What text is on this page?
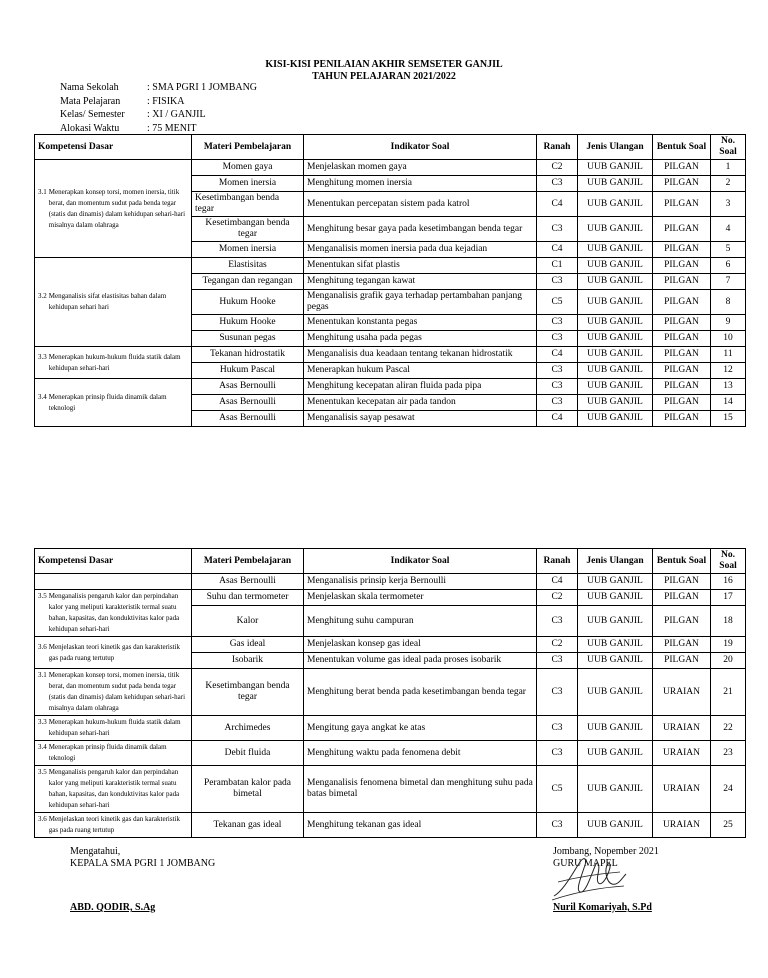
KISI-KISI PENILAIAN AKHIR SEMSETER GANJIL
TAHUN PELAJARAN 2021/2022
Nama Sekolah	: SMA PGRI 1 JOMBANG
Mata Pelajaran	: FISIKA
Kelas/ Semester	: XI / GANJIL
Alokasi Waktu	: 75 MENIT
Kompetensi Dasar	Materi Pembelajaran	Indikator Soal	Ranah	Jenis Ulangan	Bentuk Soal	No. Soal

3.1 Menerapkan konsep torsi, momen inersia, titik berat, dan momentum sudut pada benda tegar (statis dan dinamis) dalam kehidupan sehari-hari misalnya dalam olahraga	Momen gaya	Menjelaskan momen gaya	C2	UUB GANJIL	PILGAN	1
	Momen inersia	Menghitung momen inersia	C3	UUB GANJIL	PILGAN	2
	Kesetimbangan benda tegar	Menentukan percepatan sistem pada katrol	C4	UUB GANJIL	PILGAN	3
	Kesetimbangan benda tegar	Menghitung besar gaya pada kesetimbangan benda tegar	C3	UUB GANJIL	PILGAN	4
	Momen inersia	Menganalisis momen inersia pada dua kejadian	C4	UUB GANJIL	PILGAN	5

3.2 Menganalisis sifat elastisitas bahan dalam kehidupan sehari hari	Elastisitas	Menentukan sifat plastis	C1	UUB GANJIL	PILGAN	6
	Tegangan dan regangan	Menghitung tegangan kawat	C3	UUB GANJIL	PILGAN	7
	Hukum Hooke	Menganalisis grafik gaya terhadap pertambahan panjang pegas	C5	UUB GANJIL	PILGAN	8
	Hukum Hooke	Menentukan konstanta pegas	C3	UUB GANJIL	PILGAN	9
	Susunan pegas	Menghitung usaha pada pegas	C3	UUB GANJIL	PILGAN	10

3.3 Menerapkan hukum-hukum fluida statik dalam kehidupan sehari-hari	Tekanan hidrostatik	Menganalisis dua keadaan tentang tekanan hidrostatik	C4	UUB GANJIL	PILGAN	11
	Hukum Pascal	Menerapkan hukum Pascal	C3	UUB GANJIL	PILGAN	12

3.4 Menerapkan prinsip fluida dinamik dalam teknologi	Asas Bernoulli	Menghitung kecepatan aliran fluida pada pipa	C3	UUB GANJIL	PILGAN	13
	Asas Bernoulli	Menentukan kecepatan air pada tandon	C3	UUB GANJIL	PILGAN	14
	Asas Bernoulli	Menganalisis sayap pesawat	C4	UUB GANJIL	PILGAN	15
Kompetensi Dasar	Materi Pembelajaran	Indikator Soal	Ranah	Jenis Ulangan	Bentuk Soal	No. Soal

	Asas Bernoulli	Menganalisis prinsip kerja Bernoulli	C4	UUB GANJIL	PILGAN	16

3.5 Menganalisis pengaruh kalor dan perpindahan kalor yang meliputi karakteristik termal suatu bahan, kapasitas, dan konduktivitas kalor pada kehidupan sehari-hari	Suhu dan termometer	Menjelaskan skala termometer	C2	UUB GANJIL	PILGAN	17
	Kalor	Menghitung suhu campuran	C3	UUB GANJIL	PILGAN	18

3.6 Menjelaskan teori kinetik gas dan karakteristik gas pada ruang tertutup	Gas ideal	Menjelaskan konsep gas ideal	C2	UUB GANJIL	PILGAN	19
	Isobarik	Menentukan volume gas ideal pada proses isobarik	C3	UUB GANJIL	PILGAN	20

3.1 Menerapkan konsep torsi, momen inersia, titik berat, dan momentum sudut pada benda tegar (statis dan dinamis) dalam kehidupan sehari-hari misalnya dalam olahraga	Kesetimbangan benda tegar	Menghitung berat benda pada kesetimbangan benda tegar	C3	UUB GANJIL	URAIAN	21

3.3 Menerapkan hukum-hukum fluida statik dalam kehidupan sehari-hari	Archimedes	Mengitung gaya angkat ke atas	C3	UUB GANJIL	URAIAN	22

3.4 Menerapkan prinsip fluida dinamik dalam teknologi	Debit fluida	Menghitung waktu pada fenomena debit	C3	UUB GANJIL	URAIAN	23

3.5 Menganalisis pengaruh kalor dan perpindahan kalor yang meliputi karakteristik termal suatu bahan, kapasitas, dan konduktivitas kalor pada kehidupan sehari-hari	Perambatan kalor pada bimetal	Menganalisis fenomena bimetal dan menghitung suhu pada batas bimetal	C5	UUB GANJIL	URAIAN	24

3.6 Menjelaskan teori kinetik gas dan karakteristik gas pada ruang tertutup	Tekanan gas ideal	Menghitung tekanan gas ideal	C3	UUB GANJIL	URAIAN	25
Mengatahui,
KEPALA SMA PGRI 1 JOMBANG
ABD. QODIR, S.Ag
Jombang, Nopember 2021
GURU MAPEL
Nuril Komariyah, S.Pd
